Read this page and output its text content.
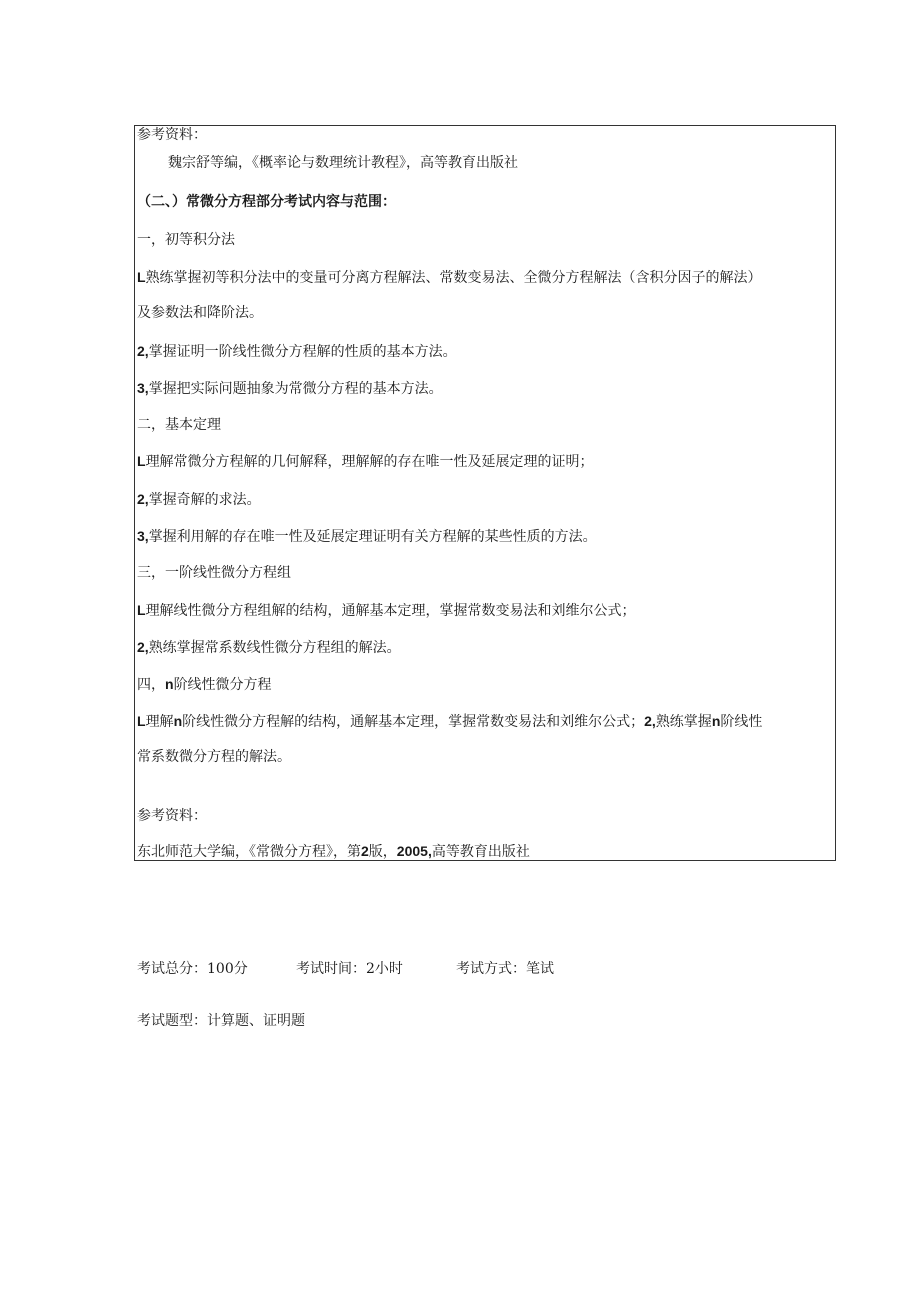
参考资料：
魏宗舒等编，《概率论与数理统计教程》，高等教育出版社
（二、）常微分方程部分考试内容与范围：
一，初等积分法
L熟练掌握初等积分法中的变量可分离方程解法、常数变易法、全微分方程解法（含积分因子的解法）
及参数法和降阶法。
2,掌握证明一阶线性微分方程解的性质的基本方法。
3,掌握把实际问题抽象为常微分方程的基本方法。
二，基本定理
L理解常微分方程解的几何解释，理解解的存在唯一性及延展定理的证明；
2,掌握奇解的求法。
3,掌握利用解的存在唯一性及延展定理证明有关方程解的某些性质的方法。
三，一阶线性微分方程组
L理解线性微分方程组解的结构，通解基本定理，掌握常数变易法和刘维尔公式；
2,熟练掌握常系数线性微分方程组的解法。
四，n阶线性微分方程
L理解n阶线性微分方程解的结构，通解基本定理，掌握常数变易法和刘维尔公式；2,熟练掌握n阶线性
常系数微分方程的解法。
参考资料：
东北师范大学编，《常微分方程》，第2版，2005,高等教育出版社
考试总分：100分	考试时间：2小时	考试方式：笔试
考试题型：计算题、证明题
